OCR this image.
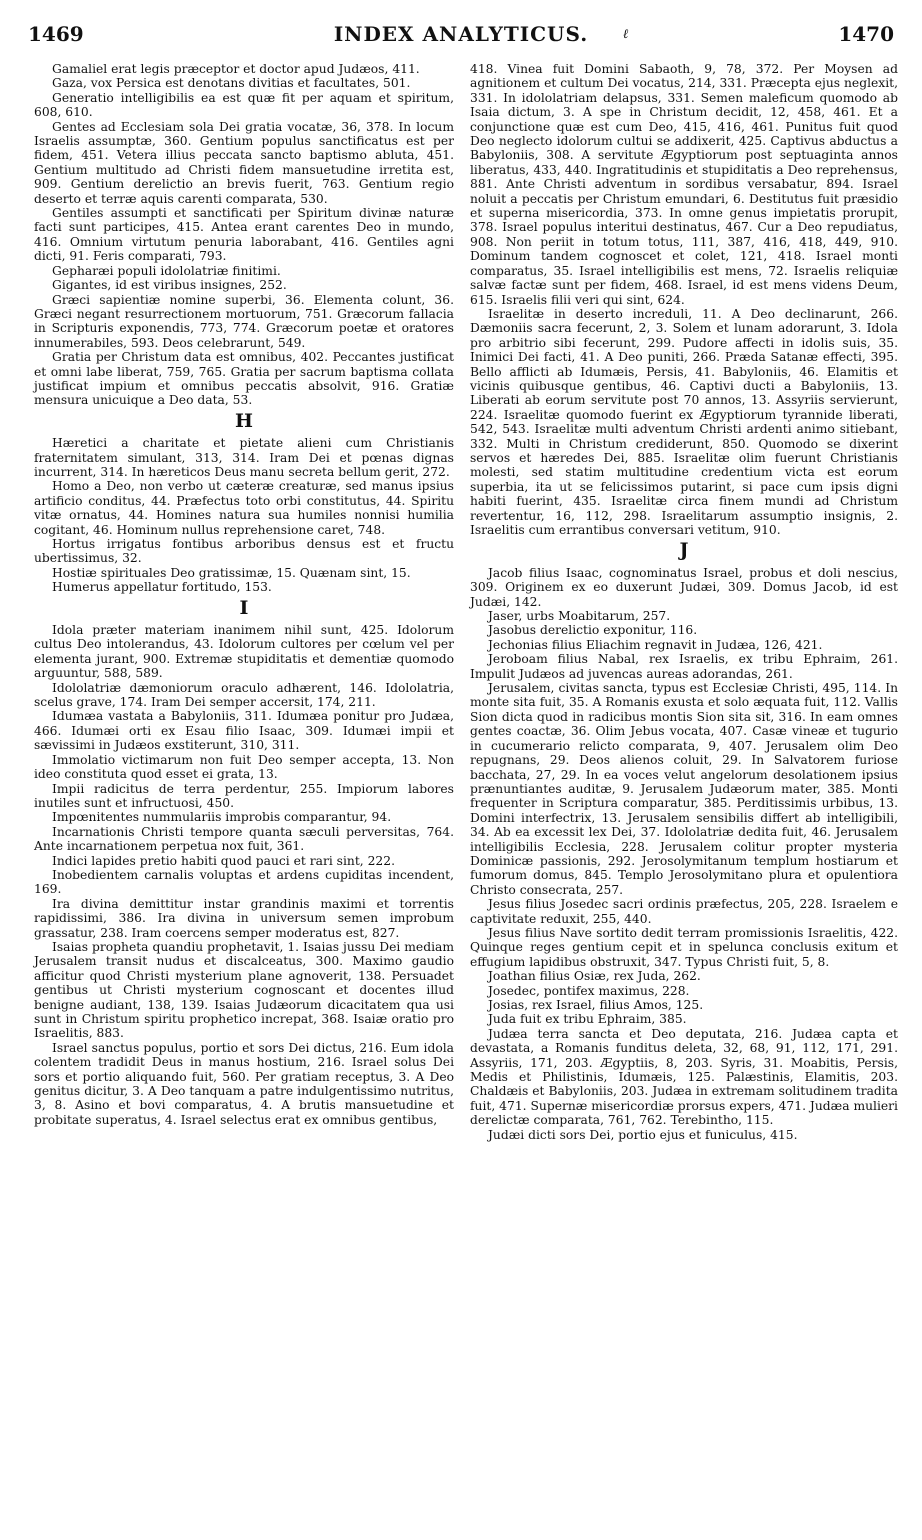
1469	INDEX ANALYTICUS.	ℓ	1470

Gamaliel erat legis præceptor et doctor apud Judæos, 411.

Gaza, vox Persica est denotans divitias et facultates, 501.

Generatio intelligibilis ea est quæ fit per aquam et spiritum, 608, 610.

Gentes ad Ecclesiam sola Dei gratia vocatæ, 36, 378. In locum Israelis assumptæ, 360. Gentium populus sanctificatus est per fidem, 451. Vetera illius peccata sancto baptismo abluta, 451. Gentium multitudo ad Christi fidem mansuetudine irretita est, 909. Gentium derelictio an brevis fuerit, 763. Gentium regio deserto et terræ aquis carenti comparata, 530.

Gentiles assumpti et sanctificati per Spiritum divinæ naturæ facti sunt participes, 415. Antea erant carentes Deo in mundo, 416. Omnium virtutum penuria laborabant, 416. Gentiles agni dicti, 91. Feris comparati, 793.

Gepharæi populi idololatriæ finitimi.

Gigantes, id est viribus insignes, 252.

Græci sapientiæ nomine superbi, 36. Elementa colunt, 36. Græci negant resurrectionem mortuorum, 751. Græcorum fallacia in Scripturis exponendis, 773, 774. Græcorum poetæ et oratores innumerabiles, 593. Deos celebrarunt, 549.

Gratia per Christum data est omnibus, 402. Peccantes justificat et omni labe liberat, 759, 765. Gratia per sacrum baptisma collata justificat impium et omnibus peccatis absolvit, 916. Gratiæ mensura unicuique a Deo data, 53.

H

Hæretici a charitate et pietate alieni cum Christianis fraternitatem simulant, 313, 314. Iram Dei et pœnas dignas incurrent, 314. In hæreticos Deus manu secreta bellum gerit, 272.

Homo a Deo, non verbo ut cæteræ creaturæ, sed manus ipsius artificio conditus, 44. Præfectus toto orbi constitutus, 44. Spiritu vitæ ornatus, 44. Homines natura sua humiles nonnisi humilia cogitant, 46. Hominum nullus reprehensione caret, 748.

Hortus irrigatus fontibus arboribus densus est et fructu ubertissimus, 32.

Hostiæ spirituales Deo gratissimæ, 15. Quænam sint, 15.

Humerus appellatur fortitudo, 153.

I

Idola præter materiam inanimem nihil sunt, 425. Idolorum cultus Deo intolerandus, 43. Idolorum cultores per cœlum vel per elementa jurant, 900. Extremæ stupiditatis et dementiæ quomodo arguuntur, 588, 589.

Idololatriæ dæmoniorum oraculo adhærent, 146. Idololatria, scelus grave, 174. Iram Dei semper accersit, 174, 211.

Idumæa vastata a Babyloniis, 311. Idumæa ponitur pro Judæa, 466. Idumæi orti ex Esau filio Isaac, 309. Idumæi impii et sævissimi in Judæos exstiterunt, 310, 311.

Immolatio victimarum non fuit Deo semper accepta, 13. Non ideo constituta quod esset ei grata, 13.

Impii radicitus de terra perdentur, 255. Impiorum labores inutiles sunt et infructuosi, 450.

Impœnitentes nummulariis improbis comparantur, 94.

Incarnationis Christi tempore quanta sæculi perversitas, 764. Ante incarnationem perpetua nox fuit, 361.

Indici lapides pretio habiti quod pauci et rari sint, 222.

Inobedientem carnalis voluptas et ardens cupiditas incendent, 169.

Ira divina demittitur instar grandinis maximi et torrentis rapidissimi, 386. Ira divina in universum semen improbum grassatur, 238. Iram coercens semper moderatus est, 827.

Isaias propheta quandiu prophetavit, 1. Isaias jussu Dei mediam Jerusalem transit nudus et discalceatus, 300. Maximo gaudio afficitur quod Christi mysterium plane agnoverit, 138. Persuadet gentibus ut Christi mysterium cognoscant et docentes illud benigne audiant, 138, 139. Isaias Judæorum dicacitatem qua usi sunt in Christum spiritu prophetico increpat, 368. Isaiæ oratio pro Israelitis, 883.

Israel sanctus populus, portio et sors Dei dictus, 216. Eum idola colentem tradidit Deus in manus hostium, 216. Israel solus Dei sors et portio aliquando fuit, 560. Per gratiam receptus, 3. A Deo genitus dicitur, 3. A Deo tanquam a patre indulgentissimo nutritus, 3, 8. Asino et bovi comparatus, 4. A brutis mansuetudine et probitate superatus, 4. Israel selectus erat ex omnibus gentibus,

418. Vinea fuit Domini Sabaoth, 9, 78, 372. Per Moysen ad agnitionem et cultum Dei vocatus, 214, 331. Præcepta ejus neglexit, 331. In idololatriam delapsus, 331. Semen maleficum quomodo ab Isaia dictum, 3. A spe in Christum decidit, 12, 458, 461. Et a conjunctione quæ est cum Deo, 415, 416, 461. Punitus fuit quod Deo neglecto idolorum cultui se addixerit, 425. Captivus abductus a Babyloniis, 308. A servitute Ægyptiorum post septuaginta annos liberatus, 433, 440. Ingratitudinis et stupiditatis a Deo reprehensus, 881. Ante Christi adventum in sordibus versabatur, 894. Israel noluit a peccatis per Christum emundari, 6. Destitutus fuit præsidio et superna misericordia, 373. In omne genus impietatis prorupit, 378. Israel populus interitui destinatus, 467. Cur a Deo repudiatus, 908. Non periit in totum totus, 111, 387, 416, 418, 449, 910. Dominum tandem cognoscet et colet, 121, 418. Israel monti comparatus, 35. Israel intelligibilis est mens, 72. Israelis reliquiæ salvæ factæ sunt per fidem, 468. Israel, id est mens videns Deum, 615. Israelis filii veri qui sint, 624.

Israelitæ in deserto increduli, 11. A Deo declinarunt, 266. Dæmoniis sacra fecerunt, 2, 3. Solem et lunam adorarunt, 3. Idola pro arbitrio sibi fecerunt, 299. Pudore affecti in idolis suis, 35. Inimici Dei facti, 41. A Deo puniti, 266. Præda Satanæ effecti, 395. Bello afflicti ab Idumæis, Persis, 41. Babyloniis, 46. Elamitis et vicinis quibusque gentibus, 46. Captivi ducti a Babyloniis, 13. Liberati ab eorum servitute post 70 annos, 13. Assyriis servierunt, 224. Israelitæ quomodo fuerint ex Ægyptiorum tyrannide liberati, 542, 543. Israelitæ multi adventum Christi ardenti animo sitiebant, 332. Multi in Christum crediderunt, 850. Quomodo se dixerint servos et hæredes Dei, 885. Israelitæ olim fuerunt Christianis molesti, sed statim multitudine credentium victa est eorum superbia, ita ut se felicissimos putarint, si pace cum ipsis digni habiti fuerint, 435. Israelitæ circa finem mundi ad Christum revertentur, 16, 112, 298. Israelitarum assumptio insignis, 2. Israelitis cum errantibus conversari vetitum, 910.

J

Jacob filius Isaac, cognominatus Israel, probus et doli nescius, 309. Originem ex eo duxerunt Judæi, 309. Domus Jacob, id est Judæi, 142.

Jaser, urbs Moabitarum, 257.

Jasobus derelictio exponitur, 116.

Jechonias filius Eliachim regnavit in Judæa, 126, 421.

Jeroboam filius Nabal, rex Israelis, ex tribu Ephraim, 261. Impulit Judæos ad juvencas aureas adorandas, 261.

Jerusalem, civitas sancta, typus est Ecclesiæ Christi, 495, 114. In monte sita fuit, 35. A Romanis exusta et solo æquata fuit, 112. Vallis Sion dicta quod in radicibus montis Sion sita sit, 316. In eam omnes gentes coactæ, 36. Olim Jebus vocata, 407. Casæ vineæ et tugurio in cucumerario relicto comparata, 9, 407. Jerusalem olim Deo repugnans, 29. Deos alienos coluit, 29. In Salvatorem furiose bacchata, 27, 29. In ea voces velut angelorum desolationem ipsius prænuntiantes auditæ, 9. Jerusalem Judæorum mater, 385. Monti frequenter in Scriptura comparatur, 385. Perditissimis urbibus, 13. Domini interfectrix, 13. Jerusalem sensibilis differt ab intelligibili, 34. Ab ea excessit lex Dei, 37. Idololatriæ dedita fuit, 46. Jerusalem intelligibilis Ecclesia, 228. Jerusalem colitur propter mysteria Dominicæ passionis, 292. Jerosolymitanum templum hostiarum et fumorum domus, 845. Templo Jerosolymitano plura et opulentiora Christo consecrata, 257.

Jesus filius Josedec sacri ordinis præfectus, 205, 228. Israelem e captivitate reduxit, 255, 440.

Jesus filius Nave sortito dedit terram promissionis Israelitis, 422. Quinque reges gentium cepit et in spelunca conclusis exitum et effugium lapidibus obstruxit, 347. Typus Christi fuit, 5, 8.

Joathan filius Osiæ, rex Juda, 262.

Josedec, pontifex maximus, 228.

Josias, rex Israel, filius Amos, 125.

Juda fuit ex tribu Ephraim, 385.

Judæa terra sancta et Deo deputata, 216. Judæa capta et devastata, a Romanis funditus deleta, 32, 68, 91, 112, 171, 291. Assyriis, 171, 203. Ægyptiis, 8, 203. Syris, 31. Moabitis, Persis, Medis et Philistinis, Idumæis, 125. Palæstinis, Elamitis, 203. Chaldæis et Babyloniis, 203. Judæa in extremam solitudinem tradita fuit, 471. Supernæ misericordiæ prorsus expers, 471. Judæa mulieri derelictæ comparata, 761, 762. Terebintho, 115.

Judæi dicti sors Dei, portio ejus et funiculus, 415.
